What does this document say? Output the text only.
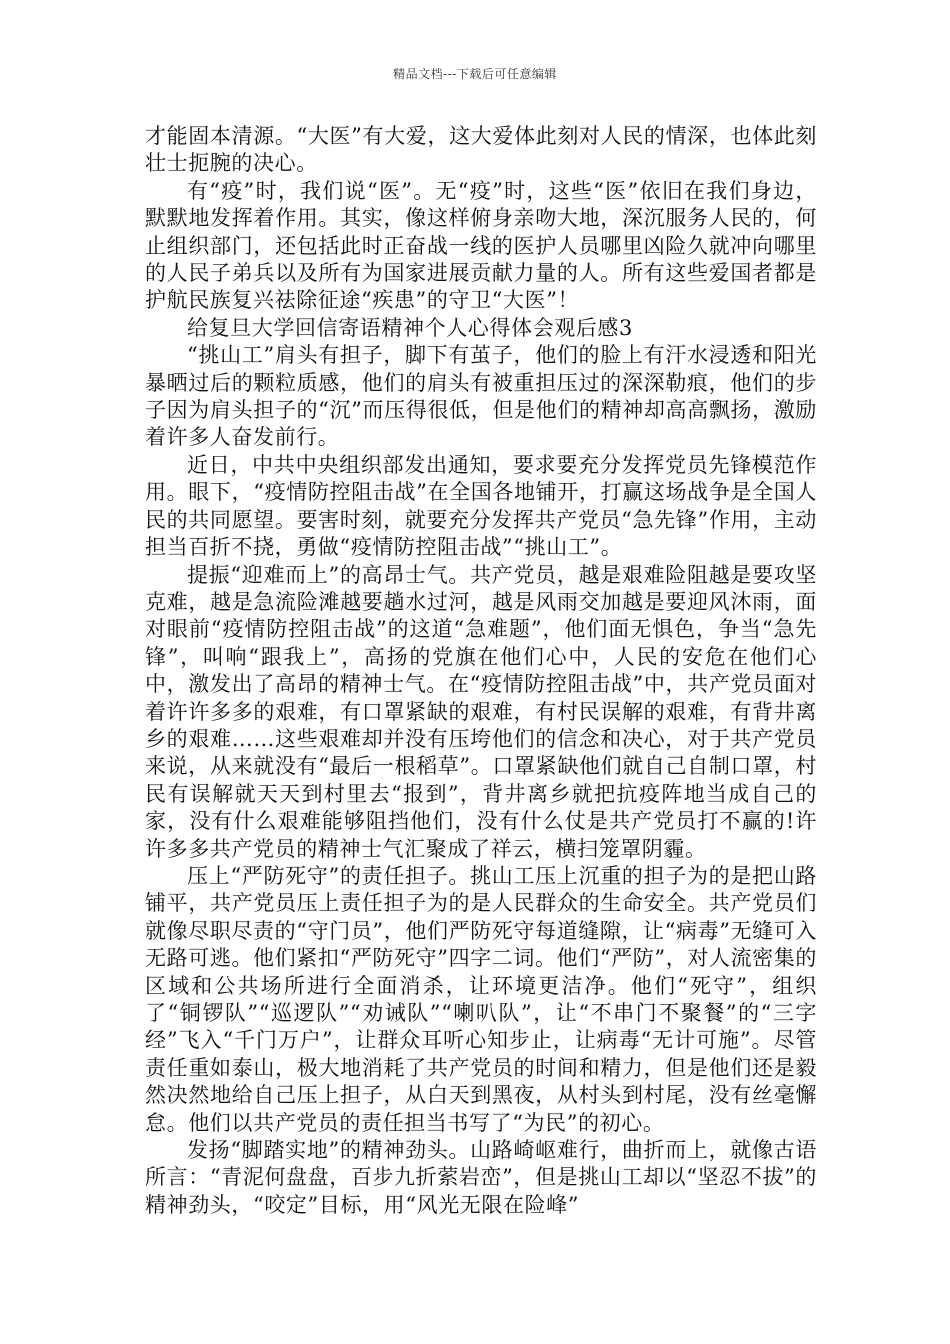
精品文档---下载后可任意编辑

才能固本清源。“大医”有大爱，这大爱体此刻对人民的情深，也体此刻壮士扼腕的决心。

有“疫”时，我们说“医”。无“疫”时，这些“医”依旧在我们身边，默默地发挥着作用。其实，像这样俯身亲吻大地，深沉服务人民的，何止组织部门，还包括此时正奋战一线的医护人员哪里凶险久就冲向哪里的人民子弟兵以及所有为国家进展贡献力量的人。所有这些爱国者都是护航民族复兴祛除征途“疾患”的守卫“大医”！

给复旦大学回信寄语精神个人心得体会观后感3

“挑山工”肩头有担子，脚下有茧子，他们的脸上有汗水浸透和阳光暴晒过后的颗粒质感，他们的肩头有被重担压过的深深勒痕，他们的步子因为肩头担子的“沉”而压得很低，但是他们的精神却高高飘扬，激励着许多人奋发前行。

近日，中共中央组织部发出通知，要求要充分发挥党员先锋模范作用。眼下，“疫情防控阻击战”在全国各地铺开，打赢这场战争是全国人民的共同愿望。要害时刻，就要充分发挥共产党员“急先锋”作用，主动担当百折不挠，勇做“疫情防控阻击战”“挑山工”。

提振“迎难而上”的高昂士气。共产党员，越是艰难险阻越是要攻坚克难，越是急流险滩越要趟水过河，越是风雨交加越是要迎风沐雨，面对眼前“疫情防控阻击战”的这道“急难题”，他们面无惧色，争当“急先锋”，叫响“跟我上”，高扬的党旗在他们心中，人民的安危在他们心中，激发出了高昂的精神士气。在“疫情防控阻击战”中，共产党员面对着许许多多的艰难，有口罩紧缺的艰难，有村民误解的艰难，有背井离乡的艰难……这些艰难却并没有压垮他们的信念和决心，对于共产党员来说，从来就没有“最后一根稻草”。口罩紧缺他们就自己自制口罩，村民有误解就天天到村里去“报到”，背井离乡就把抗疫阵地当成自己的家，没有什么艰难能够阻挡他们，没有什么仗是共产党员打不赢的!许许多多共产党员的精神士气汇聚成了祥云，横扫笼罩阴霾。

压上“严防死守”的责任担子。挑山工压上沉重的担子为的是把山路铺平，共产党员压上责任担子为的是人民群众的生命安全。共产党员们就像尽职尽责的“守门员”，他们严防死守每道缝隙，让“病毒”无缝可入无路可逃。他们紧扣“严防死守”四字二词。他们“严防”，对人流密集的区域和公共场所进行全面消杀，让环境更洁净。他们“死守”，组织了“铜锣队”“巡逻队”“劝诫队”“喇叭队”，让“不串门不聚餐”的“三字经”飞入“千门万户”，让群众耳听心知步止，让病毒“无计可施”。尽管责任重如泰山，极大地消耗了共产党员的时间和精力，但是他们还是毅然决然地给自己压上担子，从白天到黑夜，从村头到村尾，没有丝毫懈怠。他们以共产党员的责任担当书写了“为民”的初心。

发扬“脚踏实地”的精神劲头。山路崎岖难行，曲折而上，就像古语所言：“青泥何盘盘，百步九折萦岩峦”，但是挑山工却以“坚忍不拔”的精神劲头，“咬定”目标，用“风光无限在险峰”
